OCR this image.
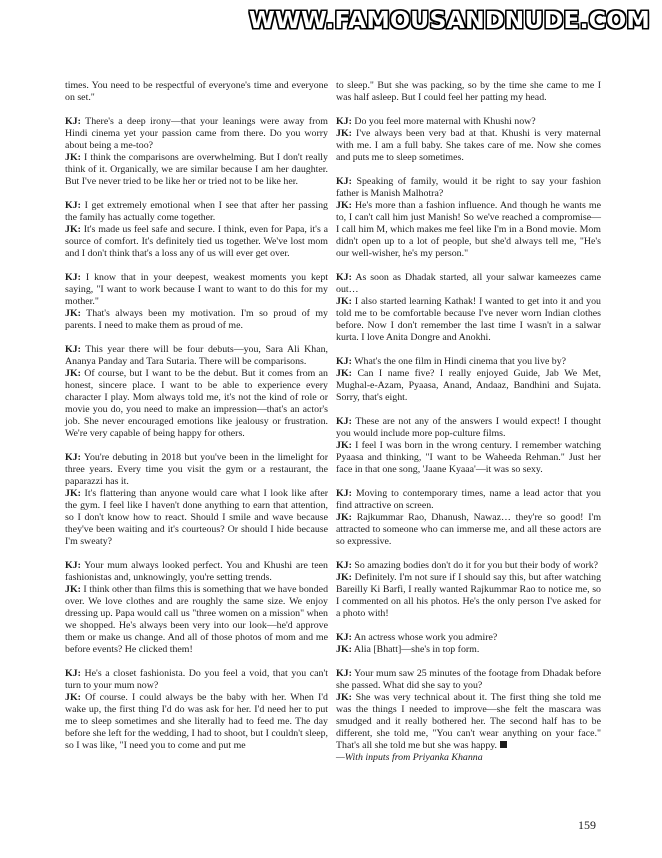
WWW.FAMOUSANDNUDE.COM

times. You need to be respectful of everyone's time and everyone on set."

KJ: There's a deep irony—that your leanings were away from Hindi cinema yet your passion came from there. Do you worry about being a me-too?

JK: I think the comparisons are overwhelming. But I don't really think of it. Organically, we are similar because I am her daughter. But I've never tried to be like her or tried not to be like her.

KJ: I get extremely emotional when I see that after her passing the family has actually come together.

JK: It's made us feel safe and secure. I think, even for Papa, it's a source of comfort. It's definitely tied us together. We've lost mom and I don't think that's a loss any of us will ever get over.

KJ: I know that in your deepest, weakest moments you kept saying, "I want to work because I want to want to do this for my mother."

JK: That's always been my motivation. I'm so proud of my parents. I need to make them as proud of me.

KJ: This year there will be four debuts—you, Sara Ali Khan, Ananya Panday and Tara Sutaria. There will be comparisons.

JK: Of course, but I want to be the debut. But it comes from an honest, sincere place. I want to be able to experience every character I play. Mom always told me, it's not the kind of role or movie you do, you need to make an impression—that's an actor's job. She never encouraged emotions like jealousy or frustration. We're very capable of being happy for others.

KJ: You're debuting in 2018 but you've been in the limelight for three years. Every time you visit the gym or a restaurant, the paparazzi has it.

JK: It's flattering than anyone would care what I look like after the gym. I feel like I haven't done anything to earn that attention, so I don't know how to react. Should I smile and wave because they've been waiting and it's courteous? Or should I hide because I'm sweaty?

KJ: Your mum always looked perfect. You and Khushi are teen fashionistas and, unknowingly, you're setting trends.

JK: I think other than films this is something that we have bonded over. We love clothes and are roughly the same size. We enjoy dressing up. Papa would call us "three women on a mission" when we shopped. He's always been very into our look—he'd approve them or make us change. And all of those photos of mom and me before events? He clicked them!

KJ: He's a closet fashionista. Do you feel a void, that you can't turn to your mum now?

JK: Of course. I could always be the baby with her. When I'd wake up, the first thing I'd do was ask for her. I'd need her to put me to sleep sometimes and she literally had to feed me. The day before she left for the wedding, I had to shoot, but I couldn't sleep, so I was like, "I need you to come and put me

to sleep." But she was packing, so by the time she came to me I was half asleep. But I could feel her patting my head.

KJ: Do you feel more maternal with Khushi now?

JK: I've always been very bad at that. Khushi is very maternal with me. I am a full baby. She takes care of me. Now she comes and puts me to sleep sometimes.

KJ: Speaking of family, would it be right to say your fashion father is Manish Malhotra?

JK: He's more than a fashion influence. And though he wants me to, I can't call him just Manish! So we've reached a compromise—I call him M, which makes me feel like I'm in a Bond movie. Mom didn't open up to a lot of people, but she'd always tell me, "He's our well-wisher, he's my person."

KJ: As soon as Dhadak started, all your salwar kameezes came out…

JK: I also started learning Kathak! I wanted to get into it and you told me to be comfortable because I've never worn Indian clothes before. Now I don't remember the last time I wasn't in a salwar kurta. I love Anita Dongre and Anokhi.

KJ: What's the one film in Hindi cinema that you live by?

JK: Can I name five? I really enjoyed Guide, Jab We Met, Mughal-e-Azam, Pyaasa, Anand, Andaaz, Bandhini and Sujata. Sorry, that's eight.

KJ: These are not any of the answers I would expect! I thought you would include more pop-culture films.

JK: I feel I was born in the wrong century. I remember watching Pyaasa and thinking, "I want to be Waheeda Rehman." Just her face in that one song, 'Jaane Kyaaa'—it was so sexy.

KJ: Moving to contemporary times, name a lead actor that you find attractive on screen.

JK: Rajkummar Rao, Dhanush, Nawaz… they're so good! I'm attracted to someone who can immerse me, and all these actors are so expressive.

KJ: So amazing bodies don't do it for you but their body of work?

JK: Definitely. I'm not sure if I should say this, but after watching Bareilly Ki Barfi, I really wanted Rajkummar Rao to notice me, so I commented on all his photos. He's the only person I've asked for a photo with!

KJ: An actress whose work you admire?

JK: Alia [Bhatt]—she's in top form.

KJ: Your mum saw 25 minutes of the footage from Dhadak before she passed. What did she say to you?

JK: She was very technical about it. The first thing she told me was the things I needed to improve—she felt the mascara was smudged and it really bothered her. The second half has to be different, she told me, "You can't wear anything on your face." That's all she told me but she was happy.

—With inputs from Priyanka Khanna

159
